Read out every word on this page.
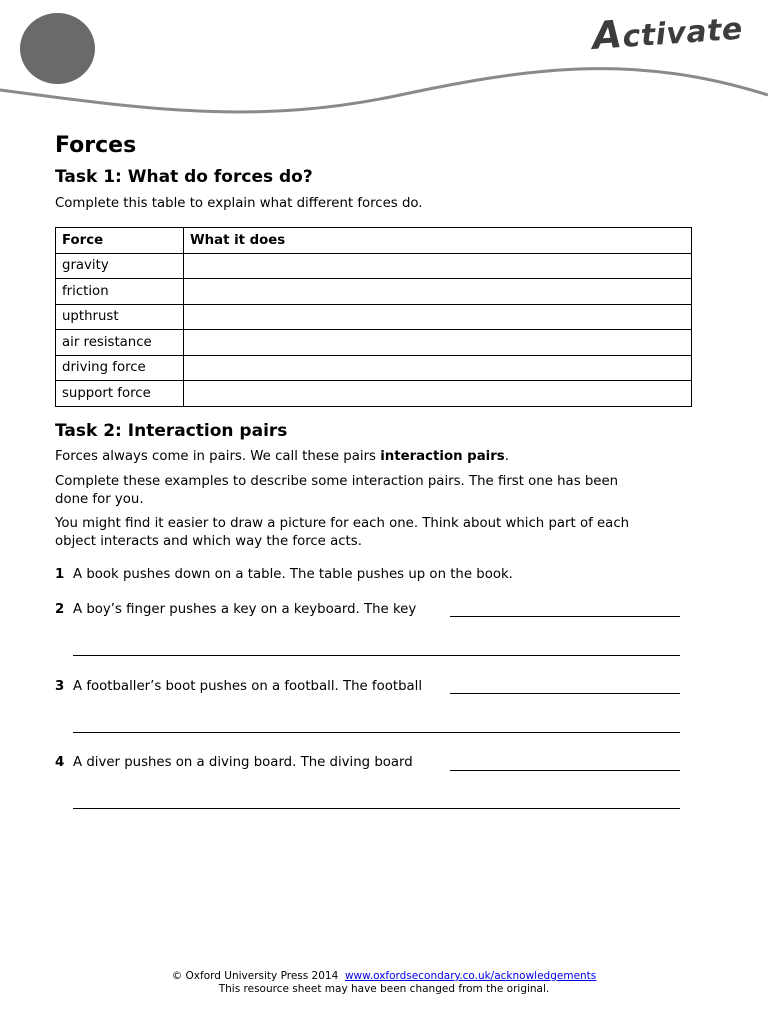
Activate
Forces
Task 1: What do forces do?

Complete this table to explain what different forces do.

Force	What it does
gravity	
friction	
upthrust	
air resistance	
driving force	
support force	
Task 2: Interaction pairs

Forces always come in pairs. We call these pairs interaction pairs.

Complete these examples to describe some interaction pairs. The first one has been done for you.

You might find it easier to draw a picture for each one. Think about which part of each object interacts and which way the force acts.

1 A book pushes down on a table. The table pushes up on the book.
2 A boy’s finger pushes a key on a keyboard. The key
3 A footballer’s boot pushes on a football. The football
4 A diver pushes on a diving board. The diving board
© Oxford University Press 2014 www.oxfordsecondary.co.uk/acknowledgements
This resource sheet may have been changed from the original.
